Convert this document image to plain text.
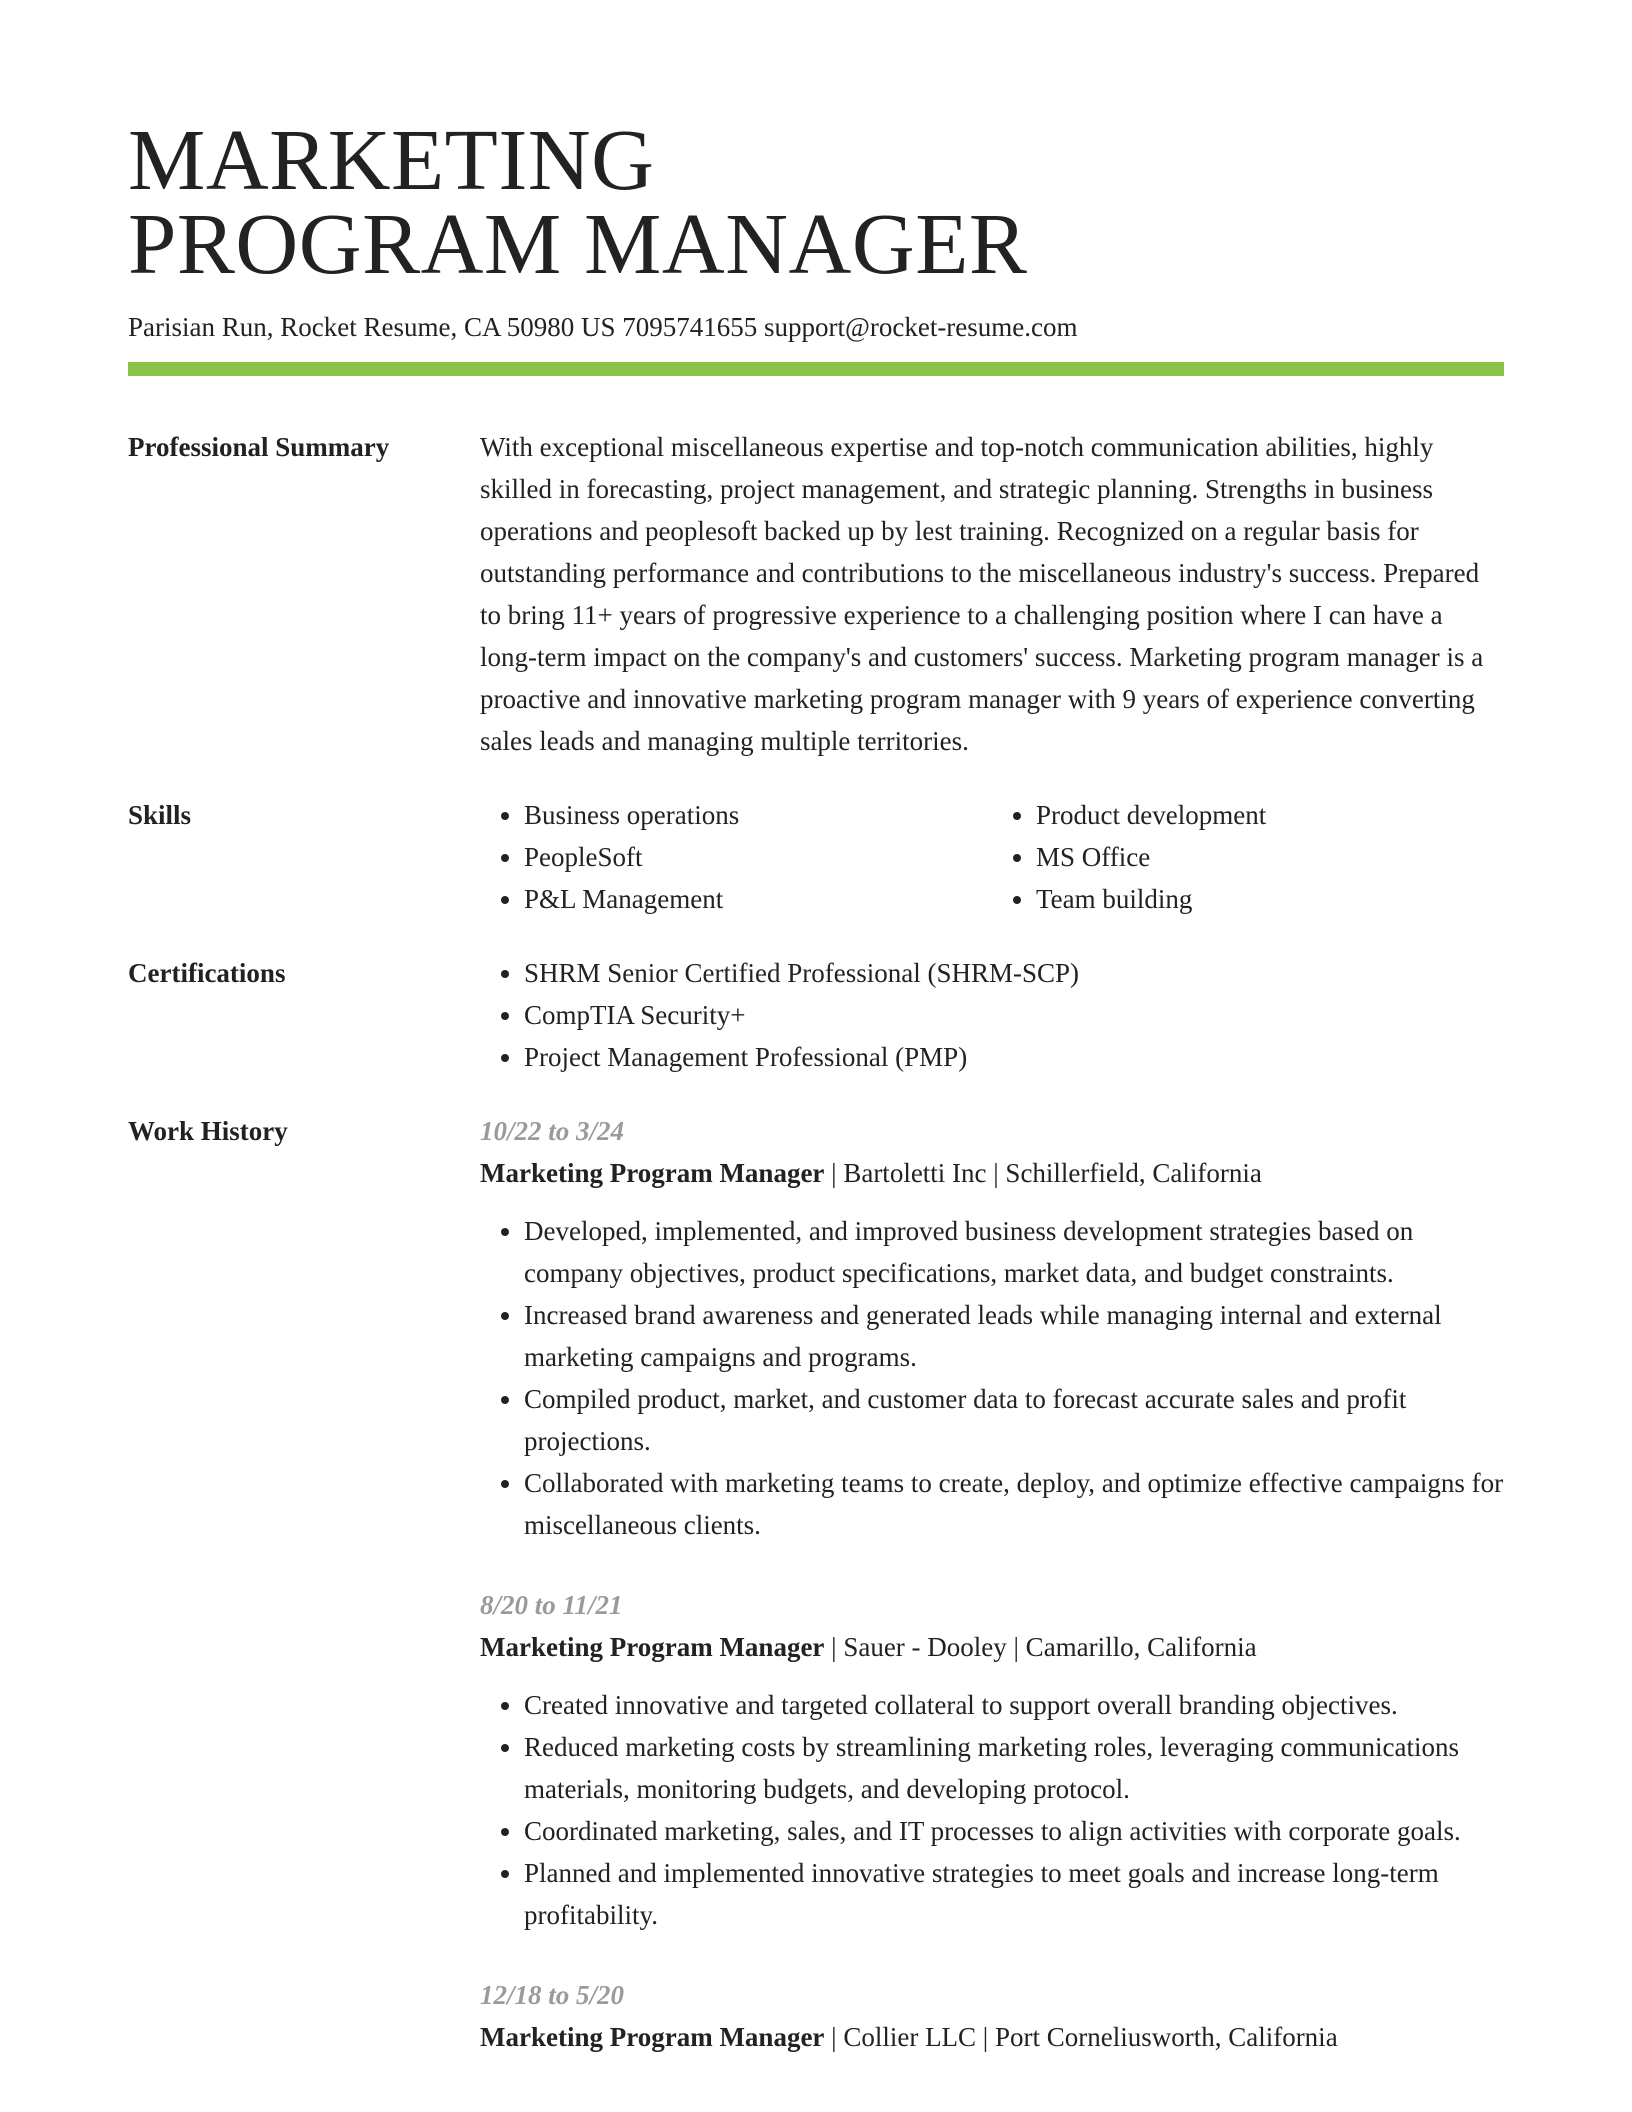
MARKETING
PROGRAM MANAGER
Parisian Run, Rocket Resume, CA 50980 US 7095741655 support@rocket-resume.com
Professional Summary	With exceptional miscellaneous expertise and top-notch communication abilities, highly skilled in forecasting, project management, and strategic planning. Strengths in business operations and peoplesoft backed up by lest training. Recognized on a regular basis for outstanding performance and contributions to the miscellaneous industry's success. Prepared to bring 11+ years of progressive experience to a challenging position where I can have a long-term impact on the company's and customers' success. Marketing program manager is a proactive and innovative marketing program manager with 9 years of experience converting sales leads and managing multiple territories.
Skills	• Business operations
• PeopleSoft
• P&L Management
• Product development
• MS Office
• Team building
Certifications	• SHRM Senior Certified Professional (SHRM-SCP)
• CompTIA Security+
• Project Management Professional (PMP)
Work History	10/22 to 3/24
Marketing Program Manager | Bartoletti Inc | Schillerfield, California
• Developed, implemented, and improved business development strategies based on company objectives, product specifications, market data, and budget constraints.
• Increased brand awareness and generated leads while managing internal and external marketing campaigns and programs.
• Compiled product, market, and customer data to forecast accurate sales and profit projections.
• Collaborated with marketing teams to create, deploy, and optimize effective campaigns for miscellaneous clients.
8/20 to 11/21
Marketing Program Manager | Sauer - Dooley | Camarillo, California
• Created innovative and targeted collateral to support overall branding objectives.
• Reduced marketing costs by streamlining marketing roles, leveraging communications materials, monitoring budgets, and developing protocol.
• Coordinated marketing, sales, and IT processes to align activities with corporate goals.
• Planned and implemented innovative strategies to meet goals and increase long-term profitability.
12/18 to 5/20
Marketing Program Manager | Collier LLC | Port Corneliusworth, California
